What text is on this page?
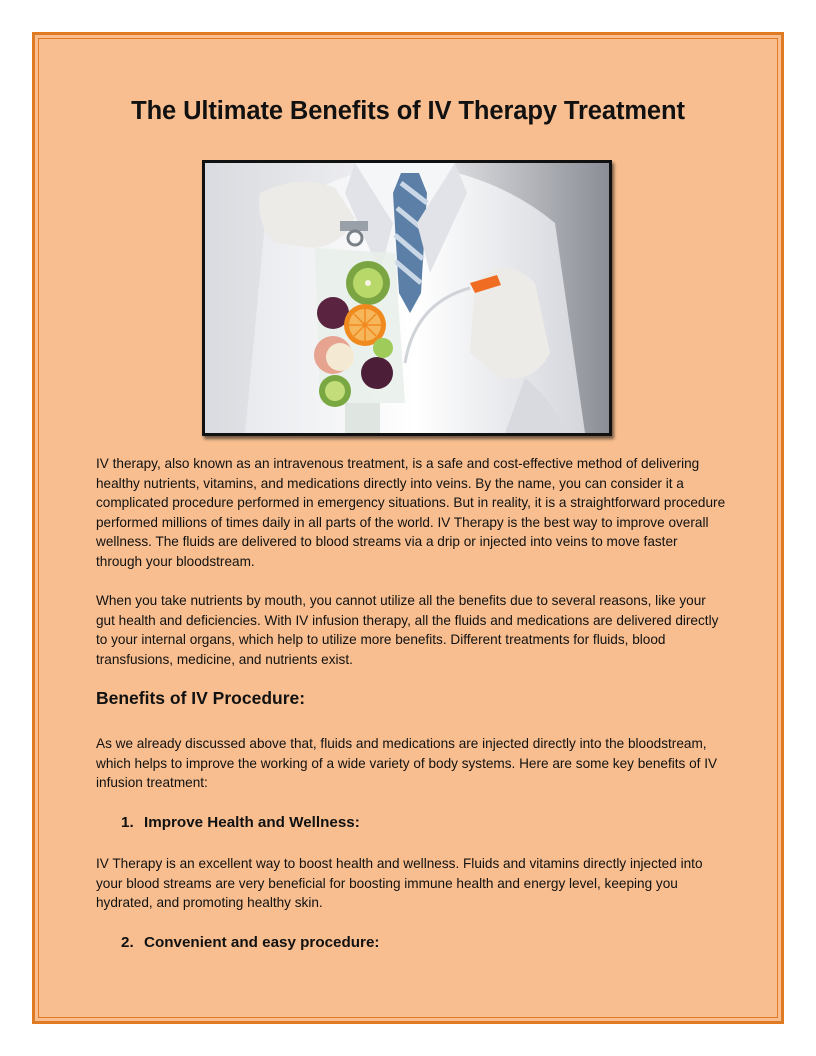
The Ultimate Benefits of IV Therapy Treatment

IV therapy, also known as an intravenous treatment, is a safe and cost-effective method of delivering healthy nutrients, vitamins, and medications directly into veins. By the name, you can consider it a complicated procedure performed in emergency situations. But in reality, it is a straightforward procedure performed millions of times daily in all parts of the world. IV Therapy is the best way to improve overall wellness. The fluids are delivered to blood streams via a drip or injected into veins to move faster through your bloodstream.

When you take nutrients by mouth, you cannot utilize all the benefits due to several reasons, like your gut health and deficiencies. With IV infusion therapy, all the fluids and medications are delivered directly to your internal organs, which help to utilize more benefits. Different treatments for fluids, blood transfusions, medicine, and nutrients exist.

Benefits of IV Procedure:

As we already discussed above that, fluids and medications are injected directly into the bloodstream, which helps to improve the working of a wide variety of body systems. Here are some key benefits of IV infusion treatment:

1. Improve Health and Wellness:

IV Therapy is an excellent way to boost health and wellness. Fluids and vitamins directly injected into your blood streams are very beneficial for boosting immune health and energy level, keeping you hydrated, and promoting healthy skin.

2. Convenient and easy procedure:
